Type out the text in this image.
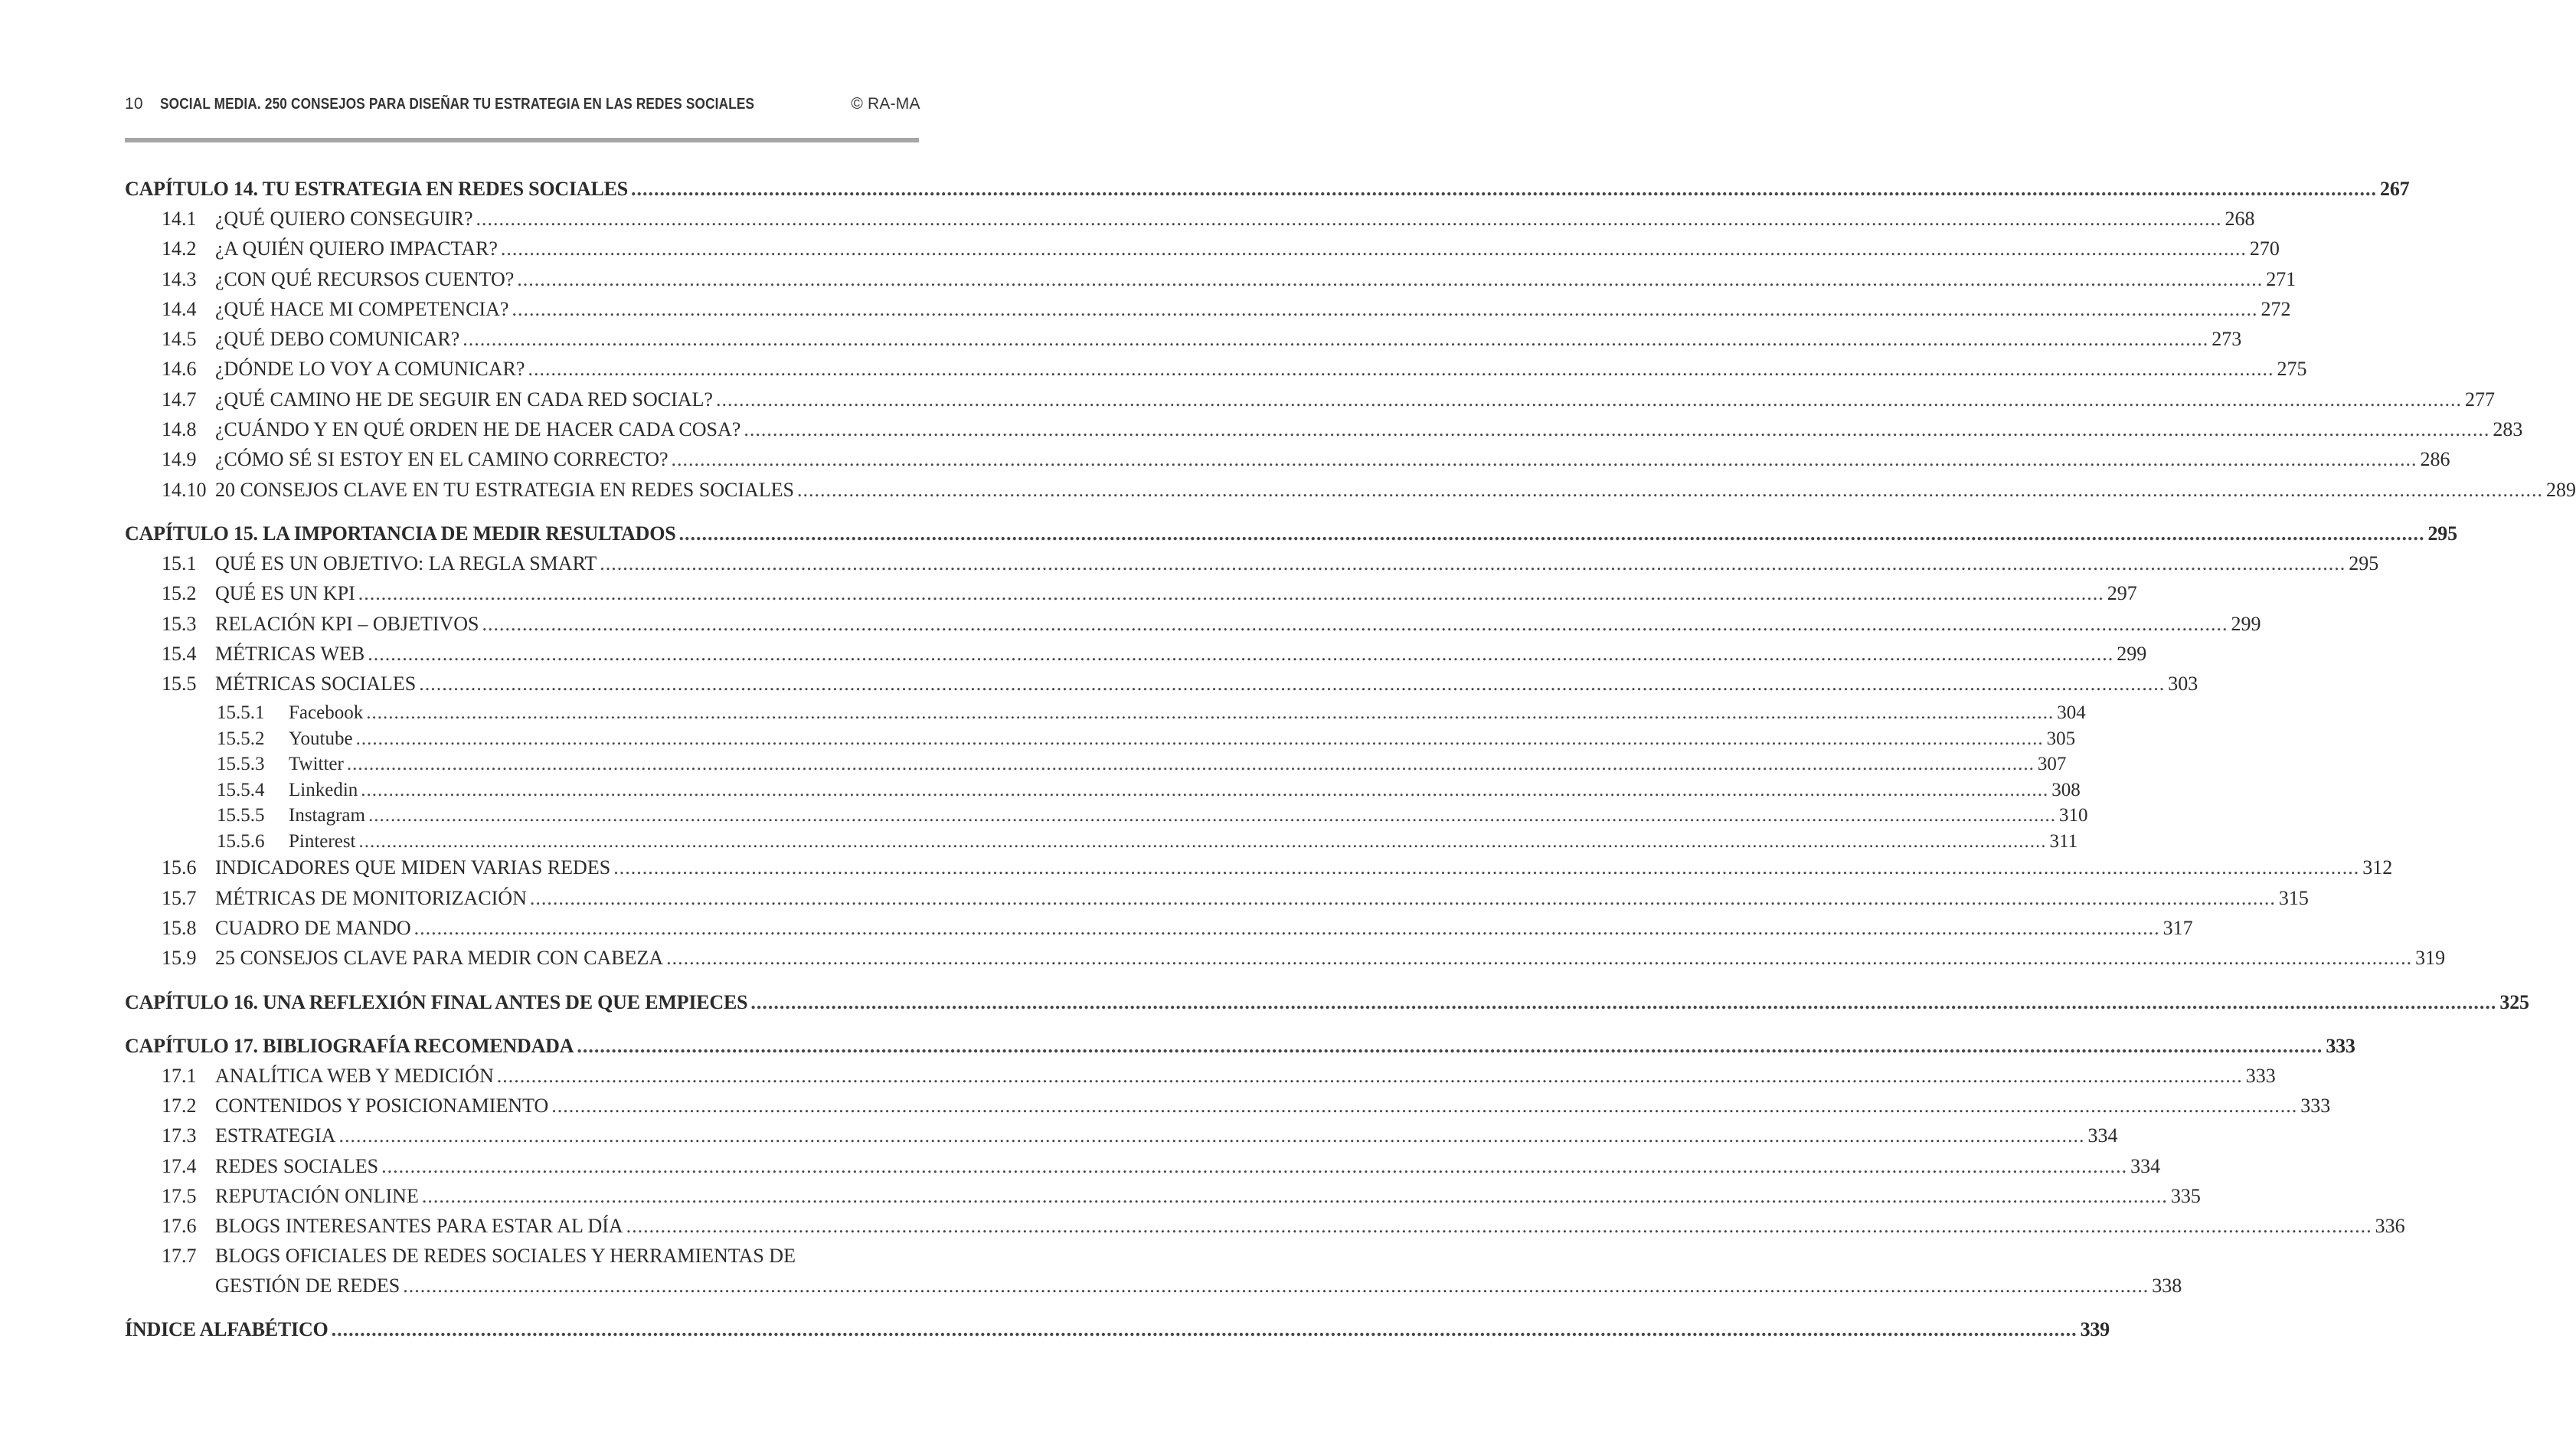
10 SOCIAL MEDIA. 250 CONSEJOS PARA DISEÑAR TU ESTRATEGIA EN LAS REDES SOCIALES	© RA-MA
CAPÍTULO 14. TU ESTRATEGIA EN REDES SOCIALES .....	267
14.1 ¿QUÉ QUIERO CONSEGUIR? .....	268
14.2 ¿A QUIÉN QUIERO IMPACTAR? .....	270
14.3 ¿CON QUÉ RECURSOS CUENTO? .....	271
14.4 ¿QUÉ HACE MI COMPETENCIA? .....	272
14.5 ¿QUÉ DEBO COMUNICAR? .....	273
14.6 ¿DÓNDE LO VOY A COMUNICAR? .....	275
14.7 ¿QUÉ CAMINO HE DE SEGUIR EN CADA RED SOCIAL? .....	277
14.8 ¿CUÁNDO Y EN QUÉ ORDEN HE DE HACER CADA COSA? .....	283
14.9 ¿CÓMO SÉ SI ESTOY EN EL CAMINO CORRECTO? .....	286
14.10 20 CONSEJOS CLAVE EN TU ESTRATEGIA EN REDES SOCIALES .....	289
CAPÍTULO 15. LA IMPORTANCIA DE MEDIR RESULTADOS .....	295
15.1 QUÉ ES UN OBJETIVO: LA REGLA SMART .....	295
15.2 QUÉ ES UN KPI .....	297
15.3 RELACIÓN KPI – OBJETIVOS .....	299
15.4 MÉTRICAS WEB .....	299
15.5 MÉTRICAS SOCIALES .....	303
15.5.1	Facebook .....	304
15.5.2	Youtube .....	305
15.5.3	Twitter .....	307
15.5.4	Linkedin .....	308
15.5.5	Instagram .....	310
15.5.6	Pinterest .....	311
15.6 INDICADORES QUE MIDEN VARIAS REDES .....	312
15.7 MÉTRICAS DE MONITORIZACIÓN .....	315
15.8 CUADRO DE MANDO .....	317
15.9 25 CONSEJOS CLAVE PARA MEDIR CON CABEZA .....	319
CAPÍTULO 16. UNA REFLEXIÓN FINAL ANTES DE QUE EMPIECES .....	325
CAPÍTULO 17. BIBLIOGRAFÍA RECOMENDADA .....	333
17.1 ANALÍTICA WEB Y MEDICIÓN .....	333
17.2 CONTENIDOS Y POSICIONAMIENTO .....	333
17.3 ESTRATEGIA .....	334
17.4 REDES SOCIALES .....	334
17.5 REPUTACIÓN ONLINE .....	335
17.6 BLOGS INTERESANTES PARA ESTAR AL DÍA .....	336
17.7 BLOGS OFICIALES DE REDES SOCIALES Y HERRAMIENTAS DE
GESTIÓN DE REDES .....	338
ÍNDICE ALFABÉTICO .....	339
